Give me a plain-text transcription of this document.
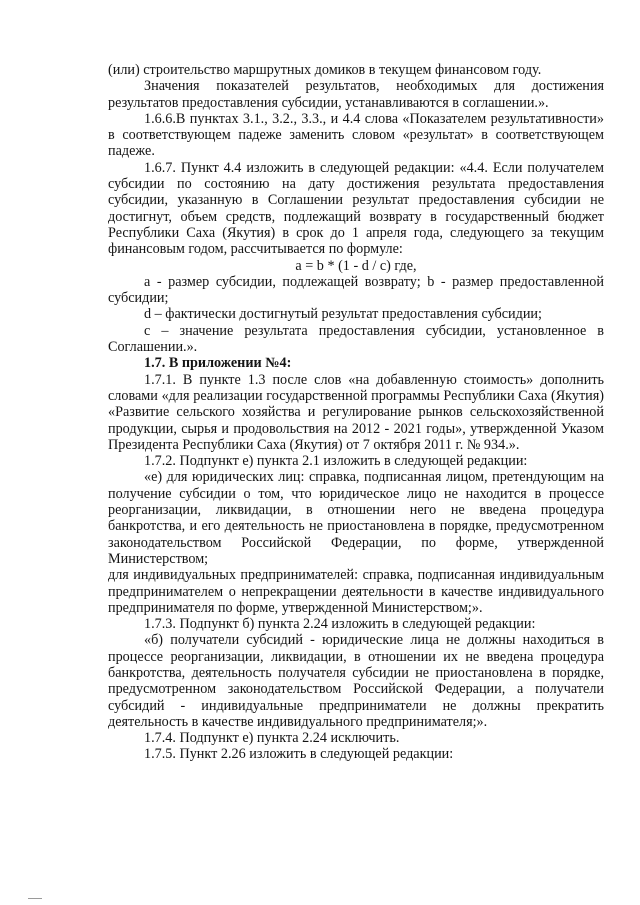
(или) строительство маршрутных домиков в текущем финансовом году.

Значения показателей результатов, необходимых для достижения результатов предоставления субсидии, устанавливаются в соглашении.».

1.6.6.В пунктах 3.1., 3.2., 3.3., и 4.4 слова «Показателем результативности» в соответствующем падеже заменить словом «результат» в соответствующем падеже.

1.6.7. Пункт 4.4 изложить в следующей редакции: «4.4. Если получателем субсидии по состоянию на дату достижения результата предоставления субсидии, указанную в Соглашении результат предоставления субсидии не достигнут, объем средств, подлежащий возврату в государственный бюджет Республики Саха (Якутия) в срок до 1 апреля года, следующего за текущим финансовым годом, рассчитывается по формуле:

a = b * (1 - d / c) где,

a - размер субсидии, подлежащей возврату; b - размер предоставленной субсидии;

d – фактически достигнутый результат предоставления субсидии;

c – значение результата предоставления субсидии, установленное в Соглашении.».

1.7. В приложении №4:

1.7.1. В пункте 1.3 после слов «на добавленную стоимость» дополнить словами «для реализации государственной программы Республики Саха (Якутия) «Развитие сельского хозяйства и регулирование рынков сельскохозяйственной продукции, сырья и продовольствия на 2012 - 2021 годы», утвержденной Указом Президента Республики Саха (Якутия) от 7 октября 2011 г. № 934.».

1.7.2. Подпункт е) пункта 2.1 изложить в следующей редакции:

«е) для юридических лиц: справка, подписанная лицом, претендующим на получение субсидии о том, что юридическое лицо не находится в процессе реорганизации, ликвидации, в отношении него не введена процедура банкротства, и его деятельность не приостановлена в порядке, предусмотренном законодательством Российской Федерации, по форме, утвержденной Министерством;

для индивидуальных предпринимателей: справка, подписанная индивидуальным предпринимателем о непрекращении деятельности в качестве индивидуального предпринимателя по форме, утвержденной Министерством;».

1.7.3. Подпункт б) пункта 2.24 изложить в следующей редакции:

«б) получатели субсидий - юридические лица не должны находиться в процессе реорганизации, ликвидации, в отношении их не введена процедура банкротства, деятельность получателя субсидии не приостановлена в порядке, предусмотренном законодательством Российской Федерации, а получатели субсидий - индивидуальные предприниматели не должны прекратить деятельность в качестве индивидуального предпринимателя;».

1.7.4. Подпункт е) пункта 2.24 исключить.

1.7.5. Пункт 2.26 изложить в следующей редакции:
